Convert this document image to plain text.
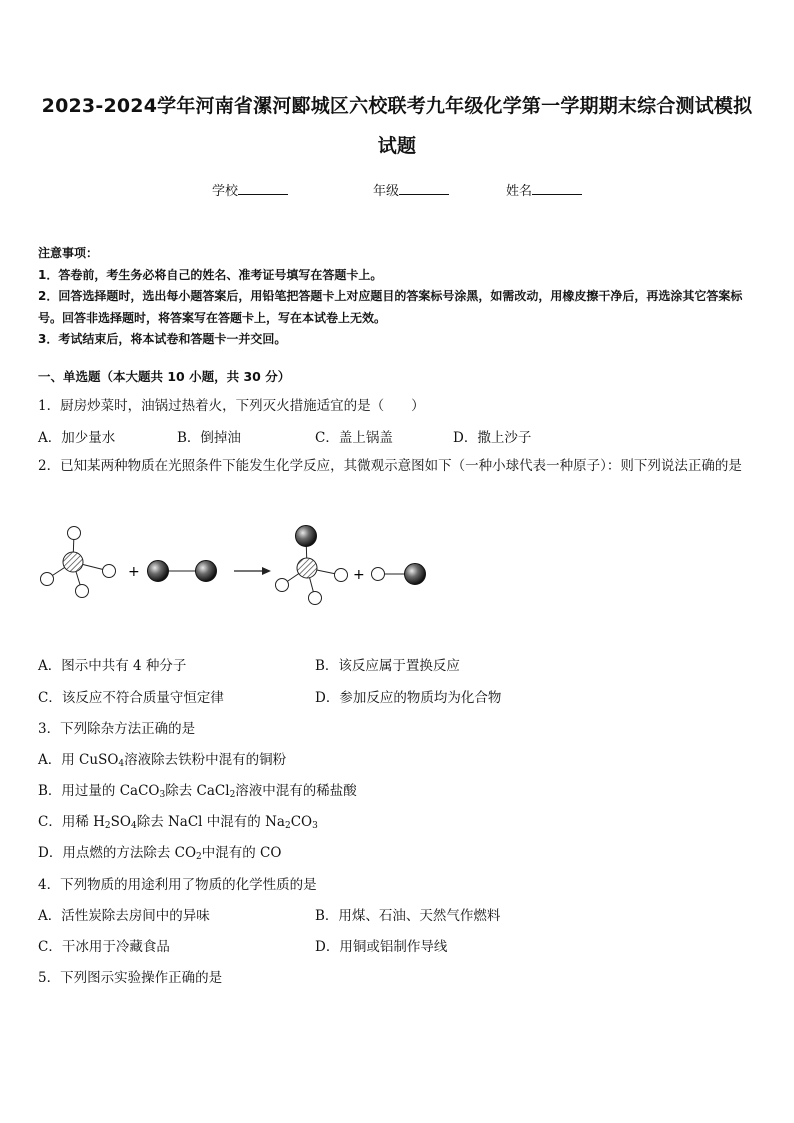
2023-2024学年河南省漯河郾城区六校联考九年级化学第一学期期末综合测试模拟试题
学校	年级	姓名

注意事项：

1．答卷前，考生务必将自己的姓名、准考证号填写在答题卡上。

2．回答选择题时，选出每小题答案后，用铅笔把答题卡上对应题目的答案标号涂黑，如需改动，用橡皮擦干净后，再选涂其它答案标号。回答非选择题时，将答案写在答题卡上，写在本试卷上无效。

3．考试结束后，将本试卷和答题卡一并交回。

一、单选题（本大题共 10 小题，共 30 分）
1．厨房炒菜时，油锅过热着火，下列灭火措施适宜的是（　　）
A．加少量水	B．倒掉油	C．盖上锅盖	D．撒上沙子
2．已知某两种物质在光照条件下能发生化学反应，其微观示意图如下（一种小球代表一种原子）：则下列说法正确的是
+	+
A．图示中共有 4 种分子	B．该反应属于置换反应
C．该反应不符合质量守恒定律	D．参加反应的物质均为化合物
3．下列除杂方法正确的是
A．用 CuSO$_4$溶液除去铁粉中混有的铜粉
B．用过量的 CaCO$_3$除去 CaCl$_2$溶液中混有的稀盐酸
C．用稀 $H_2SO_4$除去 NaCl 中混有的 $Na_2CO_3$
D．用点燃的方法除去 $CO_2$中混有的 CO
4．下列物质的用途利用了物质的化学性质的是
A．活性炭除去房间中的异味	B．用煤、石油、天然气作燃料
C．干冰用于冷藏食品	D．用铜或铝制作导线
5．下列图示实验操作正确的是
